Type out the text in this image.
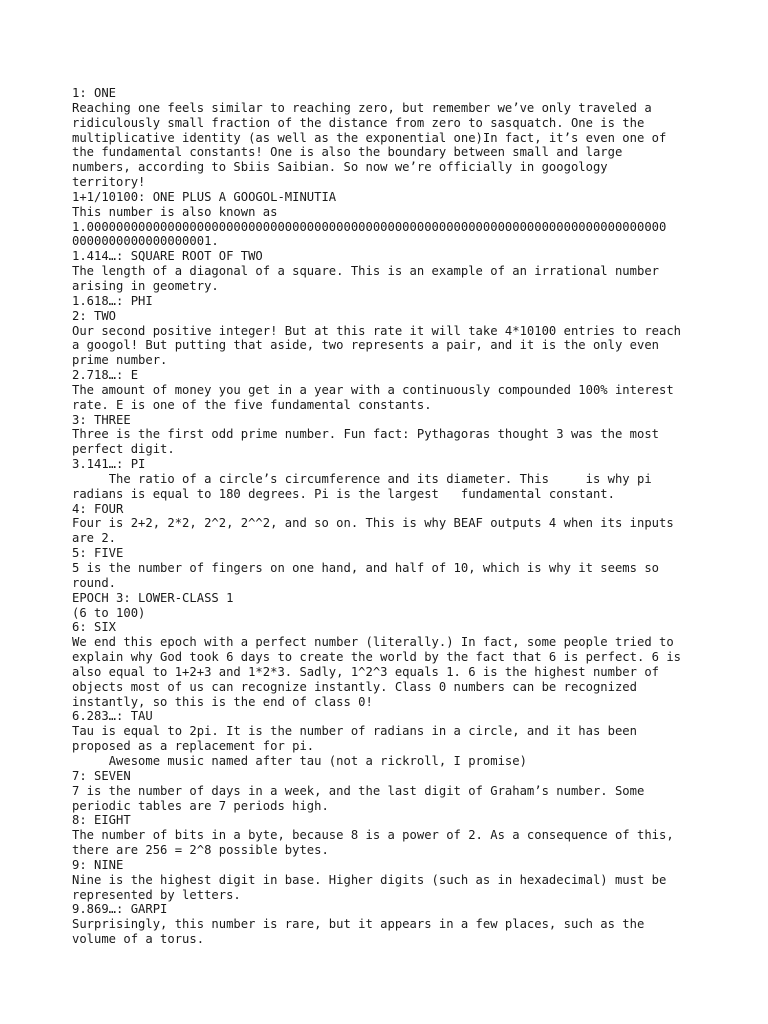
1: ONE
Reaching one feels similar to reaching zero, but remember we’ve only traveled a
ridiculously small fraction of the distance from zero to sasquatch. One is the
multiplicative identity (as well as the exponential one)In fact, it’s even one of
the fundamental constants! One is also the boundary between small and large
numbers, according to Sbiis Saibian. So now we’re officially in googology
territory!
1+1/10100: ONE PLUS A GOOGOL-MINUTIA
This number is also known as
1.0000000000000000000000000000000000000000000000000000000000000000000000000000000
0000000000000000001.
1.414…: SQUARE ROOT OF TWO
The length of a diagonal of a square. This is an example of an irrational number
arising in geometry.
1.618…: PHI
2: TWO
Our second positive integer! But at this rate it will take 4*10100 entries to reach
a googol! But putting that aside, two represents a pair, and it is the only even
prime number.
2.718…: E
The amount of money you get in a year with a continuously compounded 100% interest
rate. E is one of the five fundamental constants.
3: THREE
Three is the first odd prime number. Fun fact: Pythagoras thought 3 was the most
perfect digit.
3.141…: PI
The ratio of a circle’s circumference and its diameter. This     is why pi
radians is equal to 180 degrees. Pi is the largest   fundamental constant.
4: FOUR
Four is 2+2, 2*2, 2^2, 2^^2, and so on. This is why BEAF outputs 4 when its inputs
are 2.
5: FIVE
5 is the number of fingers on one hand, and half of 10, which is why it seems so
round.
EPOCH 3: LOWER-CLASS 1
(6 to 100)
6: SIX
We end this epoch with a perfect number (literally.) In fact, some people tried to
explain why God took 6 days to create the world by the fact that 6 is perfect. 6 is
also equal to 1+2+3 and 1*2*3. Sadly, 1^2^3 equals 1. 6 is the highest number of
objects most of us can recognize instantly. Class 0 numbers can be recognized
instantly, so this is the end of class 0!
6.283…: TAU
Tau is equal to 2pi. It is the number of radians in a circle, and it has been
proposed as a replacement for pi.
Awesome music named after tau (not a rickroll, I promise)
7: SEVEN
7 is the number of days in a week, and the last digit of Graham’s number. Some
periodic tables are 7 periods high.
8: EIGHT
The number of bits in a byte, because 8 is a power of 2. As a consequence of this,
there are 256 = 2^8 possible bytes.
9: NINE
Nine is the highest digit in base. Higher digits (such as in hexadecimal) must be
represented by letters.
9.869…: GARPI
Surprisingly, this number is rare, but it appears in a few places, such as the
volume of a torus.
